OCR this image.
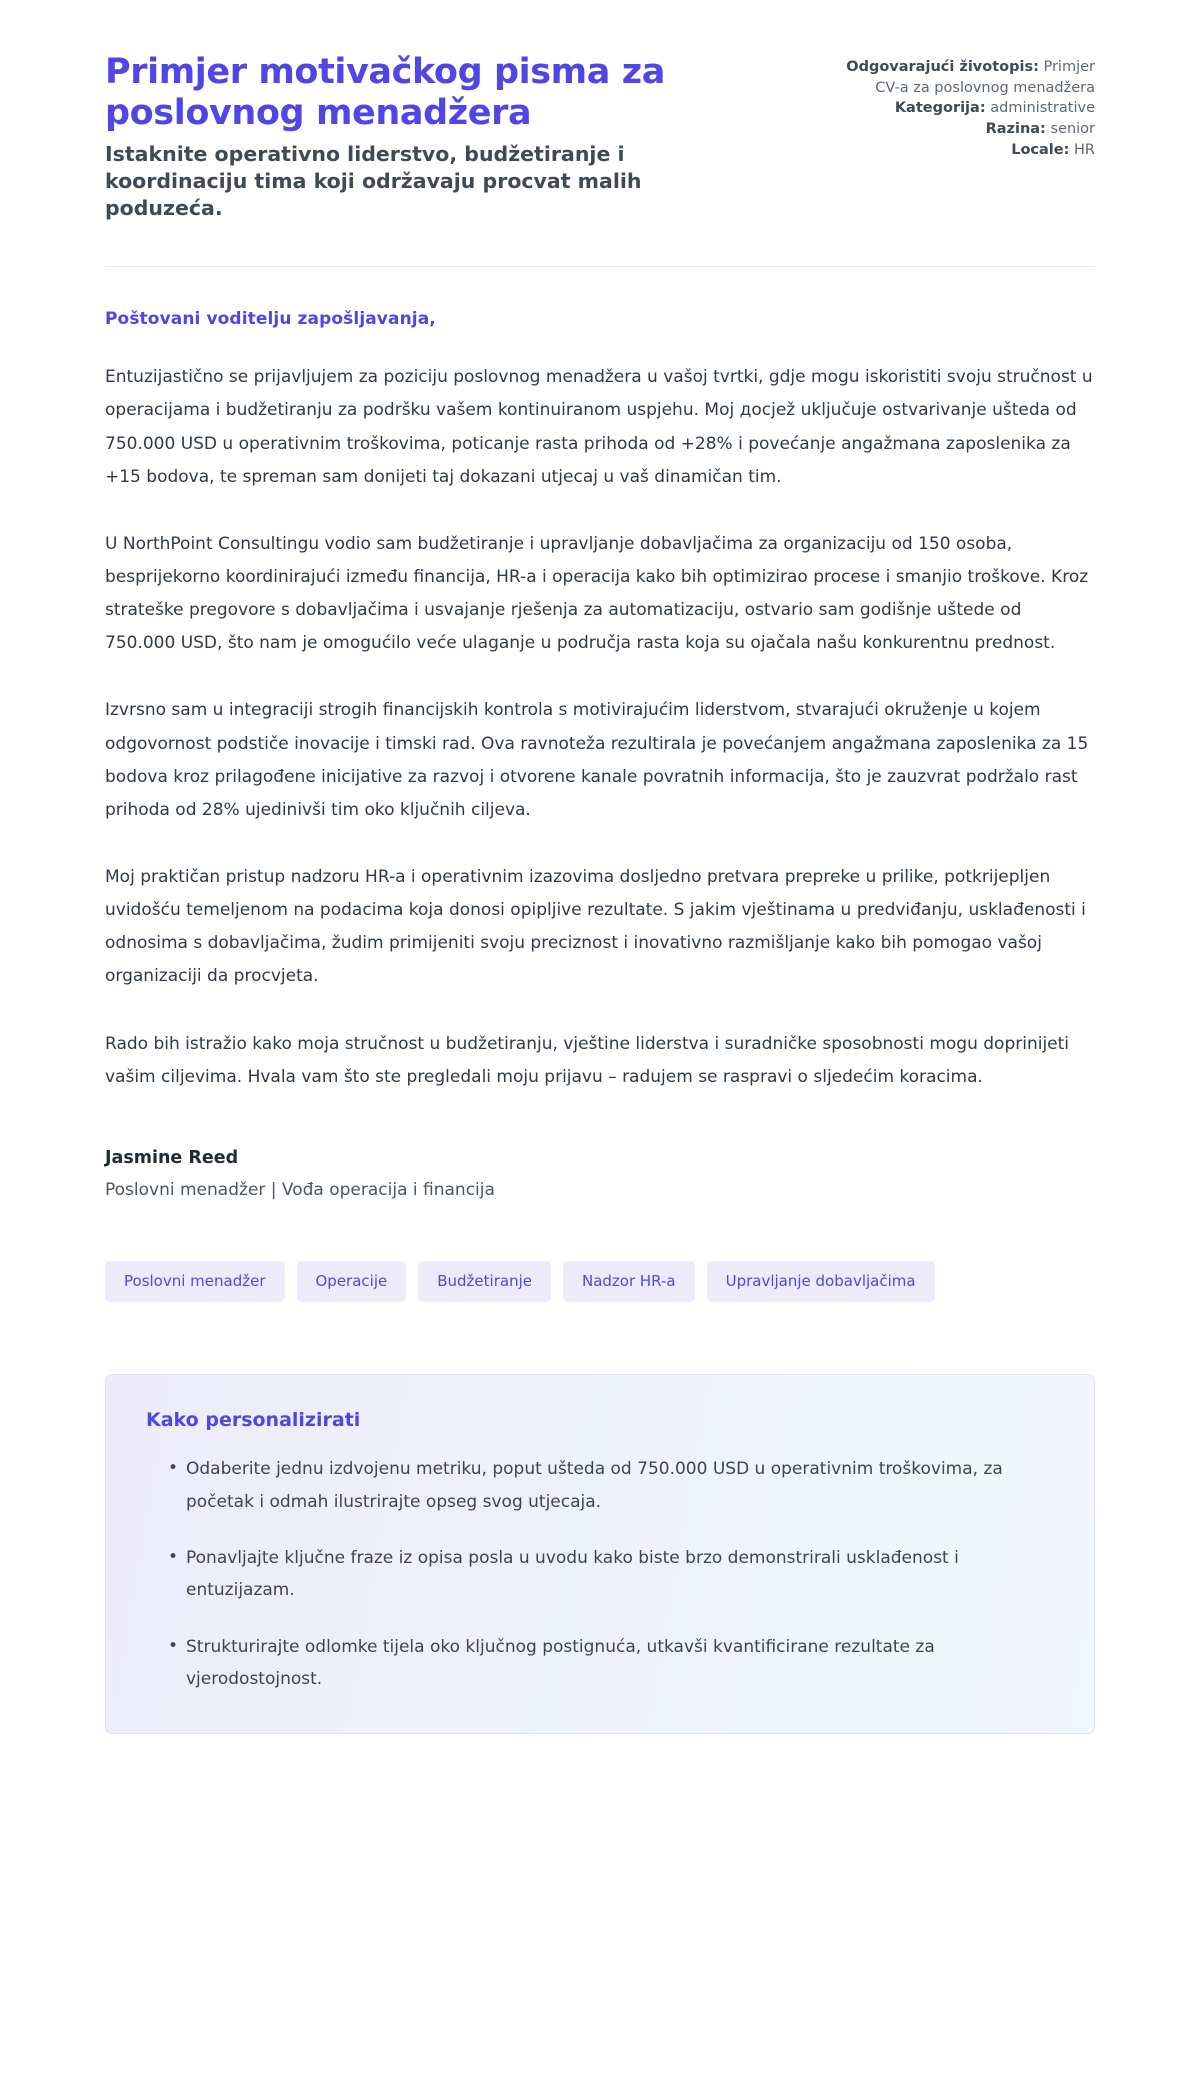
Primjer motivačkog pisma za poslovnog menadžera

Istaknite operativno liderstvo, budžetiranje i koordinaciju tima koji održavaju procvat malih poduzeća.

Odgovarajući životopis: Primjer CV-a za poslovnog menadžera
Kategorija: administrative
Razina: senior
Locale: HR

Poštovani voditelju zapošljavanja,

Entuzijastično se prijavljujem za poziciju poslovnog menadžera u vašoj tvrtki, gdje mogu iskoristiti svoju stručnost u operacijama i budžetiranju za podršku vašem kontinuiranom uspjehu. Moj досjеž uključuje ostvarivanje ušteda od 750.000 USD u operativnim troškovima, poticanje rasta prihoda od +28% i povećanje angažmana zaposlenika za +15 bodova, te spreman sam donijeti taj dokazani utjecaj u vaš dinamičan tim.

U NorthPoint Consultingu vodio sam budžetiranje i upravljanje dobavljačima za organizaciju od 150 osoba, besprijekorno koordinirajući između financija, HR-a i operacija kako bih optimizirao procese i smanjio troškove. Kroz strateške pregovore s dobavljačima i usvajanje rješenja za automatizaciju, ostvario sam godišnje uštede od 750.000 USD, što nam je omogućilo veće ulaganje u područja rasta koja su ojačala našu konkurentnu prednost.

Izvrsno sam u integraciji strogih financijskih kontrola s motivirajućim liderstvom, stvarajući okruženje u kojem odgovornost podstiče inovacije i timski rad. Ova ravnoteža rezultirala je povećanjem angažmana zaposlenika za 15 bodova kroz prilagođene inicijative za razvoj i otvorene kanale povratnih informacija, što je zauzvrat podržalo rast prihoda od 28% ujedinivši tim oko ključnih ciljeva.

Moj praktičan pristup nadzoru HR-a i operativnim izazovima dosljedno pretvara prepreke u prilike, potkrijepljen uvidošću temeljenom na podacima koja donosi opipljive rezultate. S jakim vještinama u predviđanju, usklađenosti i odnosima s dobavljačima, žudim primijeniti svoju preciznost i inovativno razmišljanje kako bih pomogao vašoj organizaciji da procvjeta.

Rado bih istražio kako moja stručnost u budžetiranju, vještine liderstva i suradničke sposobnosti mogu doprinijeti vašim ciljevima. Hvala vam što ste pregledali moju prijavu – radujem se raspravi o sljedećim koracima.

Jasmine Reed

Poslovni menadžer | Vođa operacija i financija

Poslovni menadžer	Operacije	Budžetiranje	Nadzor HR-a	Upravljanje dobavljačima

Kako personalizirati

• Odaberite jednu izdvojenu metriku, poput ušteda od 750.000 USD u operativnim troškovima, za početak i odmah ilustrirajte opseg svog utjecaja.
• Ponavljajte ključne fraze iz opisa posla u uvodu kako biste brzo demonstrirali usklađenost i entuzijazam.
• Strukturirajte odlomke tijela oko ključnog postignuća, utkavši kvantificirane rezultate za vjerodostojnost.
